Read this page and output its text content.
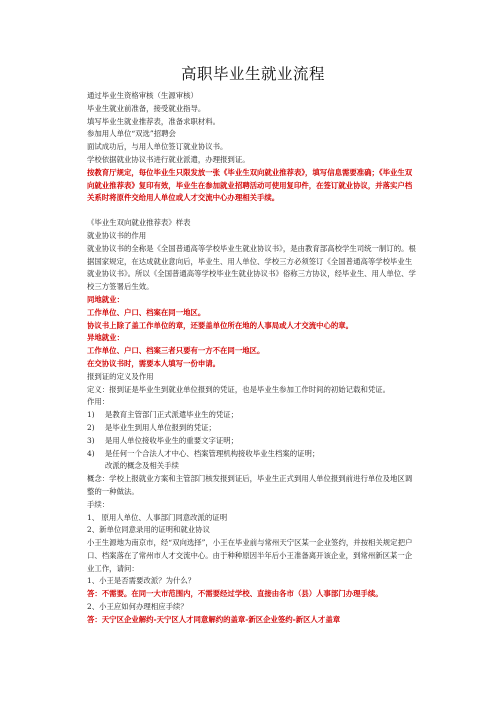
高职毕业生就业流程
通过毕业生资格审核（生源审核）
毕业生就业前准备，接受就业指导。
填写毕业生就业推荐表，准备求职材料。
参加用人单位“双选”招聘会
面试成功后，与用人单位签订就业协议书。
学校依据就业协议书进行就业派遣，办理报到证。
按教育厅规定，每位毕业生只限发放一张《毕业生双向就业推荐表》，填写信息需要准确；《毕业生双向就业推荐表》复印有效，毕业生在参加就业招聘活动可使用复印件，在签订就业协议，并落实户档关系时将原件交给用人单位或人才交流中心办理相关手续。
《毕业生双向就业推荐表》样表
就业协议书的作用
就业协议书的全称是《全国普通高等学校毕业生就业协议书》，是由教育部高校学生司统一制订的。根据国家规定，在达成就业意向后，毕业生、用人单位、学校三方必须签订《全国普通高等学校毕业生就业协议书》。所以《全国普通高等学校毕业生就业协议书》俗称三方协议，经毕业生、用人单位、学校三方签署后生效。
同地就业：
工作单位、户口、档案在同一地区。
协议书上除了盖工作单位的章，还要盖单位所在地的人事局或人才交流中心的章。
异地就业：
工作单位、户口、档案三者只要有一方不在同一地区。
在交协议书时，需要本人填写一份申请。
报到证的定义及作用
定义：报到证是毕业生到就业单位报到的凭证，也是毕业生参加工作时间的初始记载和凭证。
作用：
1) 是教育主管部门正式派遣毕业生的凭证；
2) 是毕业生到用人单位报到的凭证；
3) 是用人单位接收毕业生的重要文字证明；
4) 是任何一个合法人才中心、档案管理机构接收毕业生档案的证明；
改派的概念及相关手续
概念：学校上报就业方案和主管部门核发报到证后，毕业生正式到用人单位报到前进行单位及地区调整的一种做法。
手续：
1、 原用人单位、人事部门同意改派的证明
2、新单位同意录用的证明和就业协议
小王生源地为南京市，经“双向选择”，小王在毕业前与常州天宁区某一企业签约，并按相关规定把户口、档案落在了常州市人才交流中心。由于种种原因半年后小王准备离开该企业，到常州新区某一企业工作，请问：
1、小王是否需要改派？为什么？
答：不需要。在同一大市范围内，不需要经过学校、直接由各市（县）人事部门办理手续。
2、小王应如何办理相应手续？
答：天宁区企业解约-天宁区人才同意解约的盖章-新区企业签约-新区人才盖章
